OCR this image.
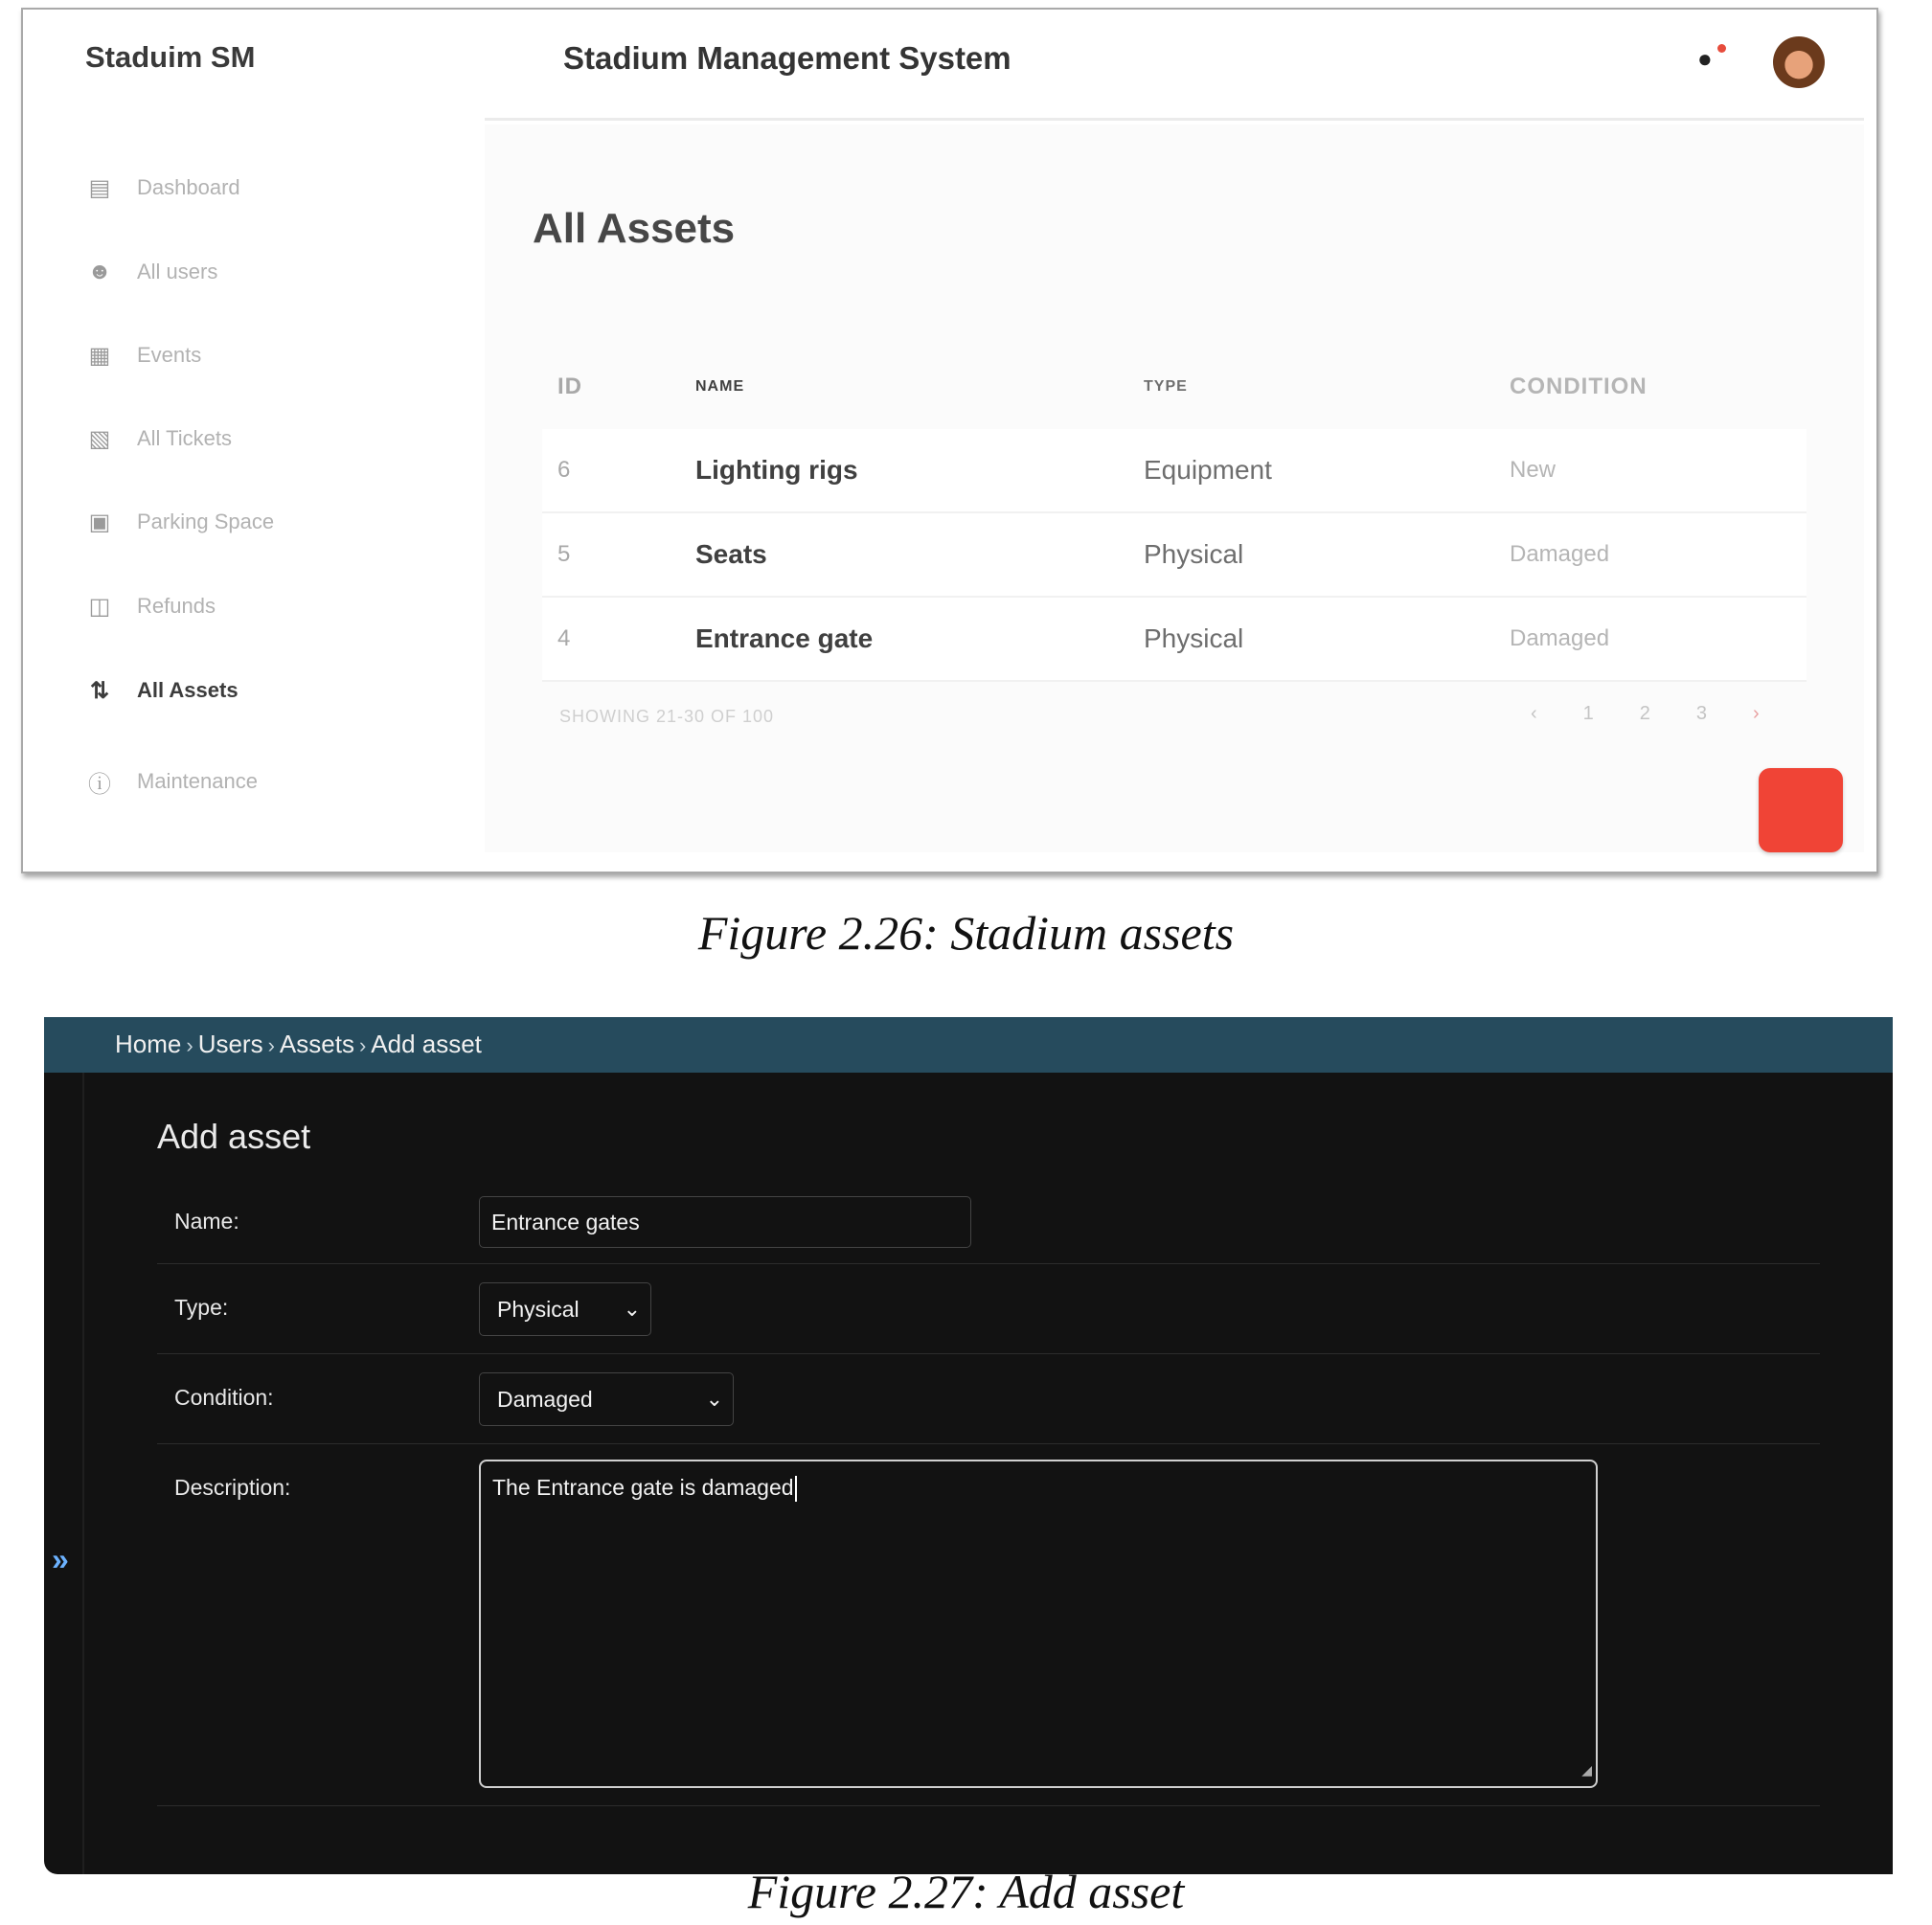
Staduim SM
▤ Dashboard
☻ All users
▦ Events
▧ All Tickets
▣ Parking Space
◫ Refunds
⇅ All Assets
ⓘ Maintenance
Stadium Management System	●
All Assets
ID	NAME	TYPE	CONDITION
6	Lighting rigs	Equipment	New
5	Seats	Physical	Damaged
4	Entrance gate	Physical	Damaged
SHOWING 21-30 OF 100	‹ 1 2 3 ›
Figure 2.26: Stadium assets
Home › Users › Assets › Add asset
»
Add asset
Name:	Entrance gates
Type:	Physical ⌄
Condition:	Damaged	⌄
Description:	The Entrance gate is damaged
◢
Figure 2.27: Add asset
